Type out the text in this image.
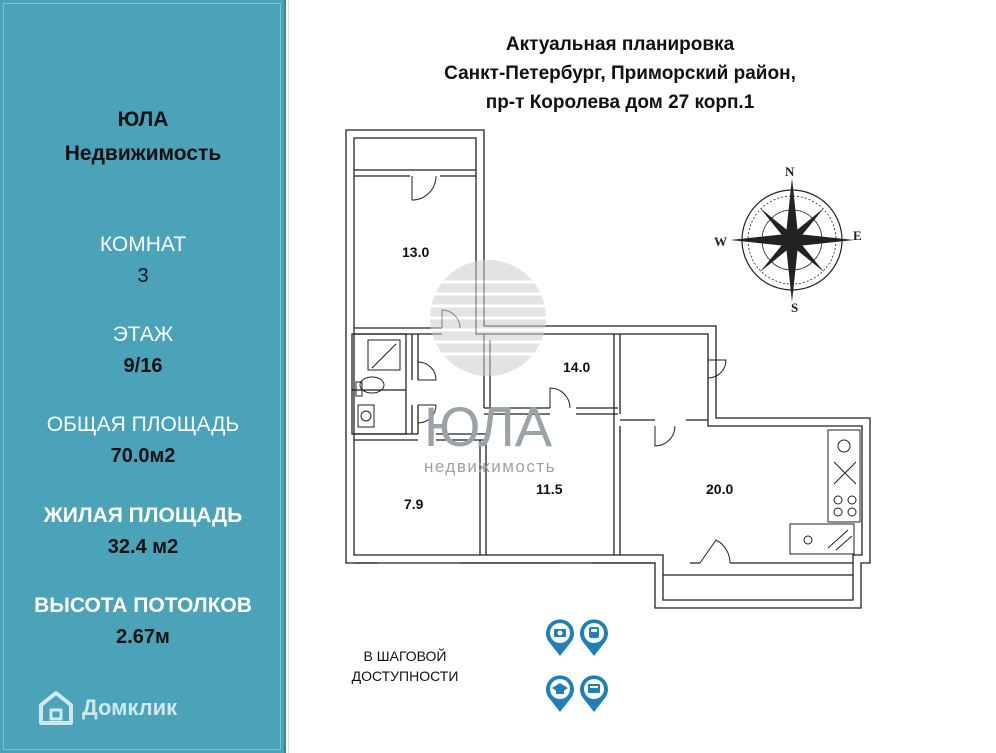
ЮЛА
Недвижимость
КОМНАТ
3
ЭТАЖ
9/16
ОБЩАЯ ПЛОЩАДЬ
70.0м2
ЖИЛАЯ ПЛОЩАДЬ
32.4 м2
ВЫСОТА ПОТОЛКОВ
2.67м
Домклик
Актуальная планировка
Санкт-Петербург, Приморский район,
пр-т Королева дом 27 корп.1
ЮЛА
недвижимость
13.0
14.0
7.9
11.5	20.0
N
E
S
W
В ШАГОВОЙ
ДОСТУПНОСТИ
